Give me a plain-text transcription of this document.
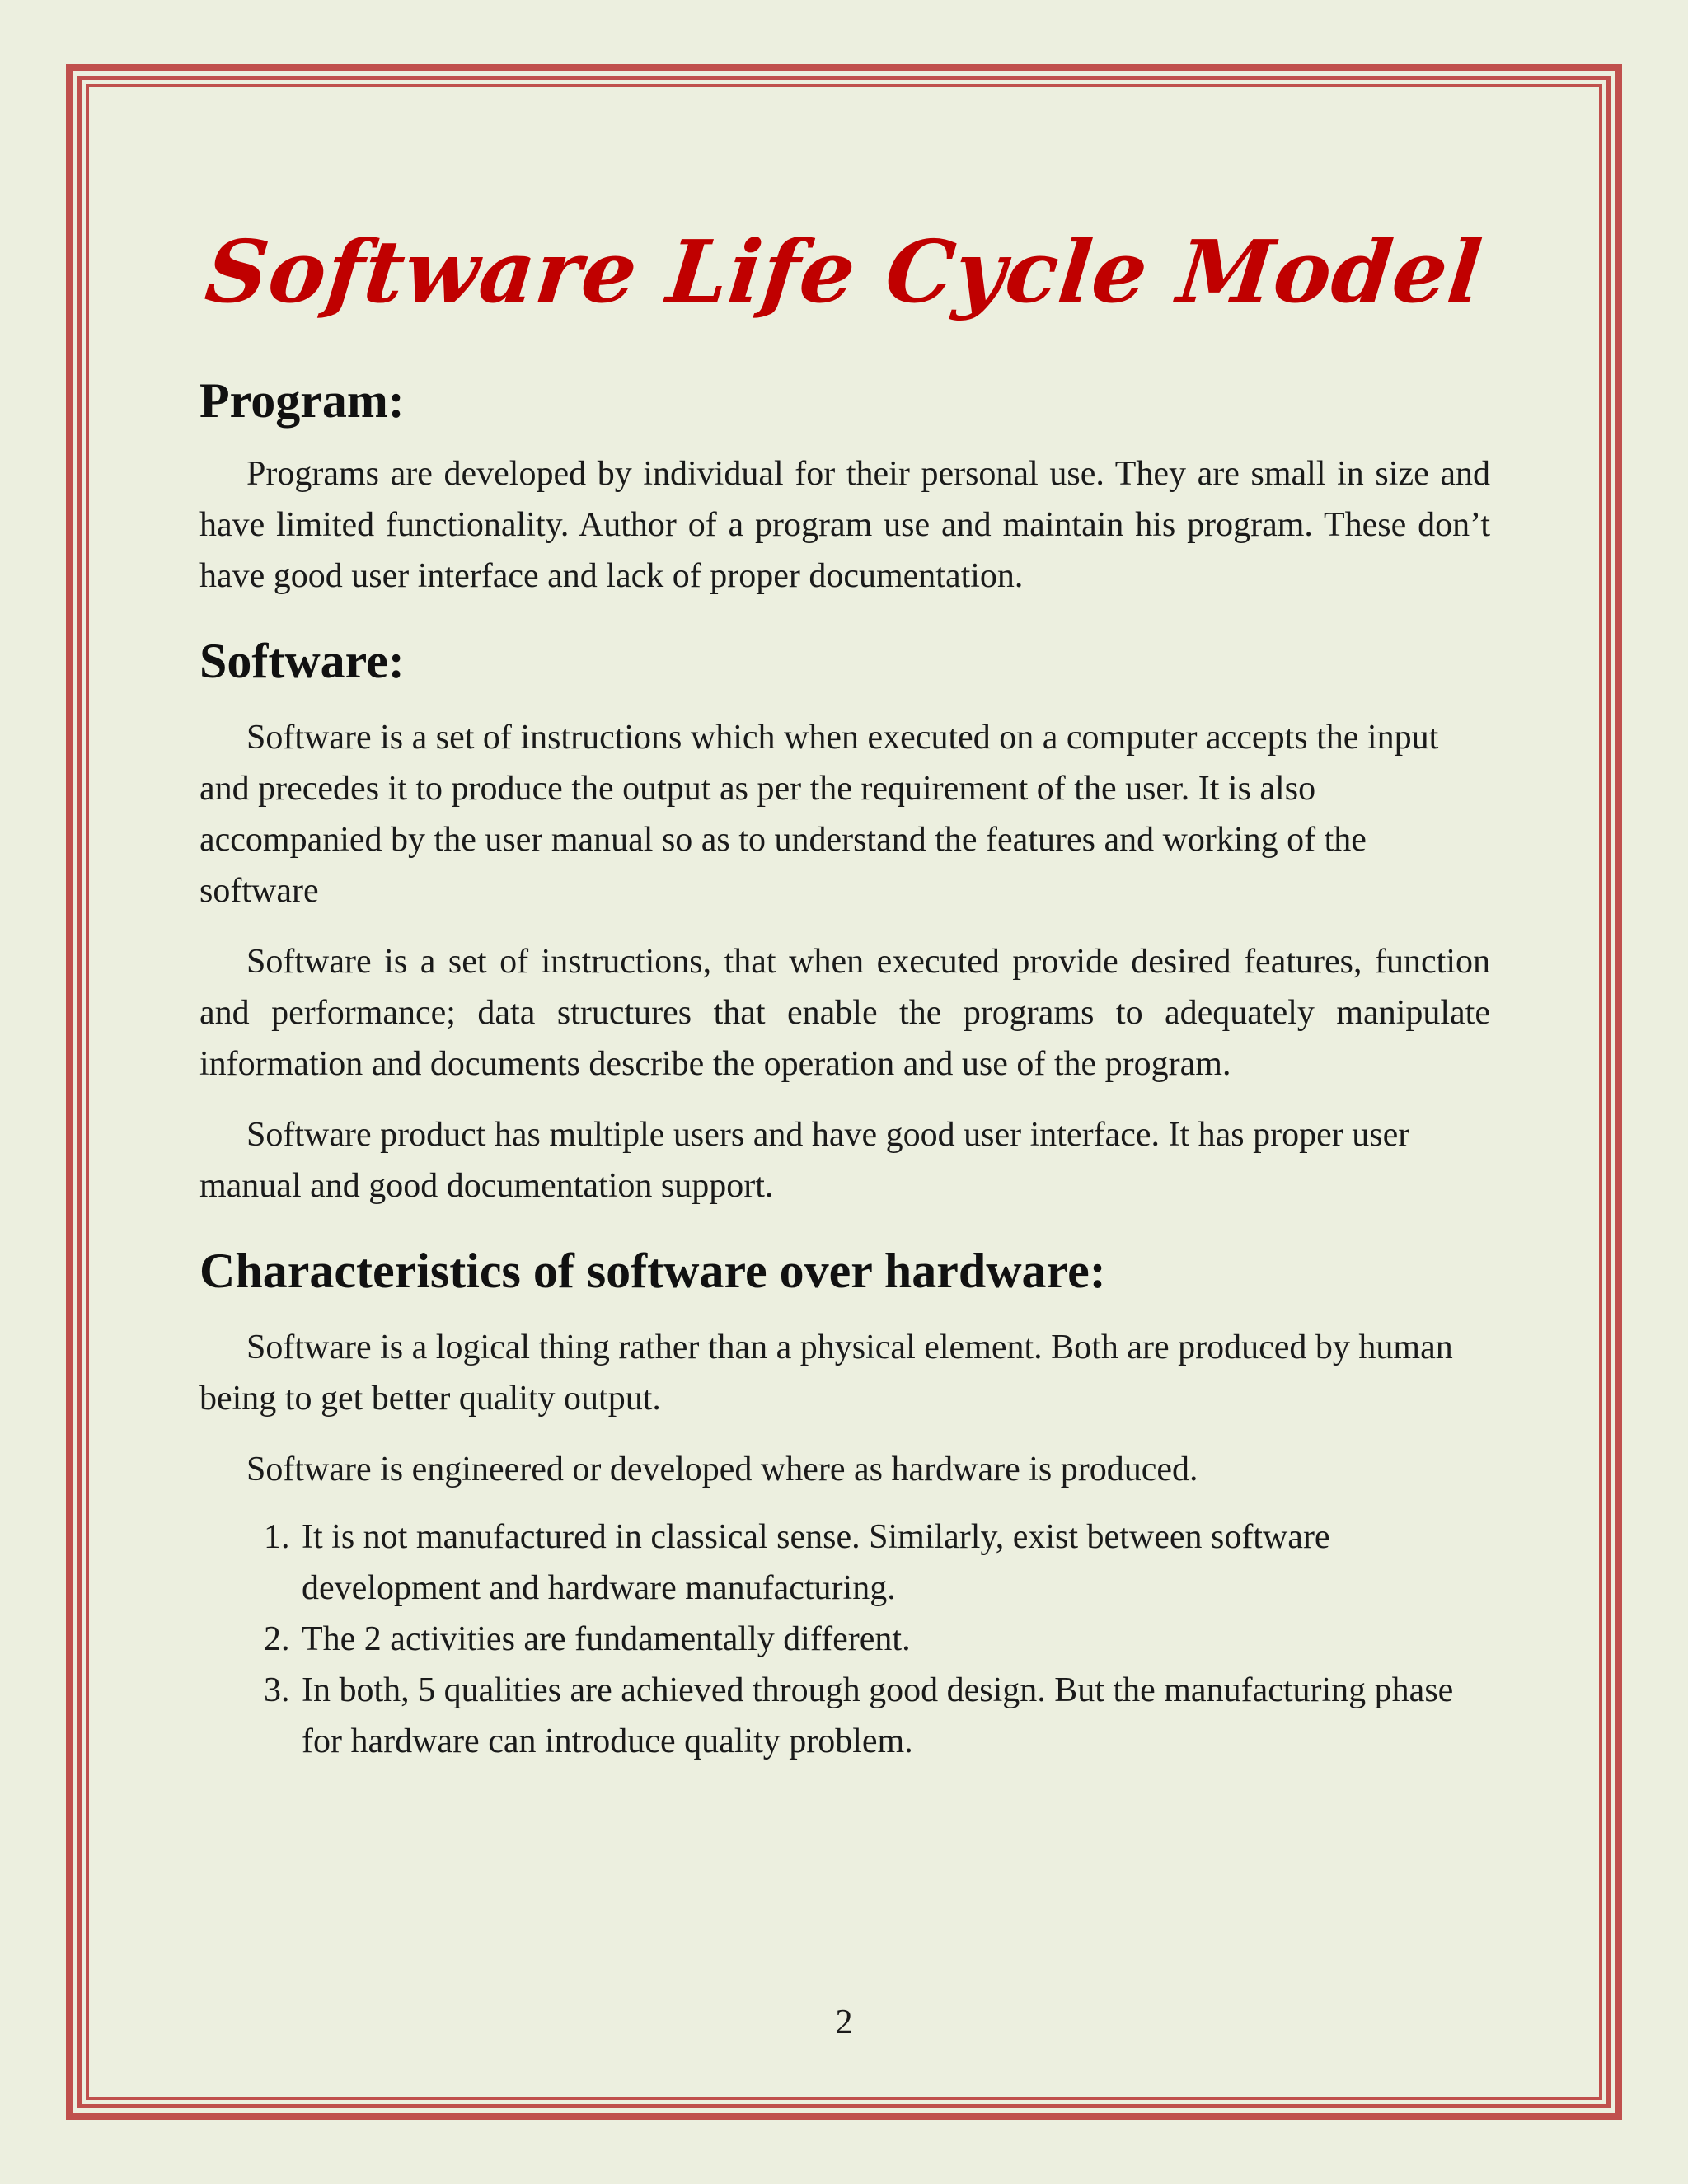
Software Life Cycle Model
Program:

Programs are developed by individual for their personal use. They are small in size and have limited functionality. Author of a program use and maintain his program. These don’t have good user interface and lack of proper documentation.

Software:

Software is a set of instructions which when executed on a computer accepts the input and precedes it to produce the output as per the requirement of the user. It is also accompanied by the user manual so as to understand the features and working of the software

Software is a set of instructions, that when executed provide desired features, function and performance; data structures that enable the programs to adequately manipulate information and documents describe the operation and use of the program.

Software product has multiple users and have good user interface. It has proper user manual and good documentation support.

Characteristics of software over hardware:

Software is a logical thing rather than a physical element. Both are produced by human being to get better quality output.

Software is engineered or developed where as hardware is produced.

1. It is not manufactured in classical sense. Similarly, exist between software development and hardware manufacturing.
2. The 2 activities are fundamentally different.
3. In both, 5 qualities are achieved through good design. But the manufacturing phase for hardware can introduce quality problem.
2
